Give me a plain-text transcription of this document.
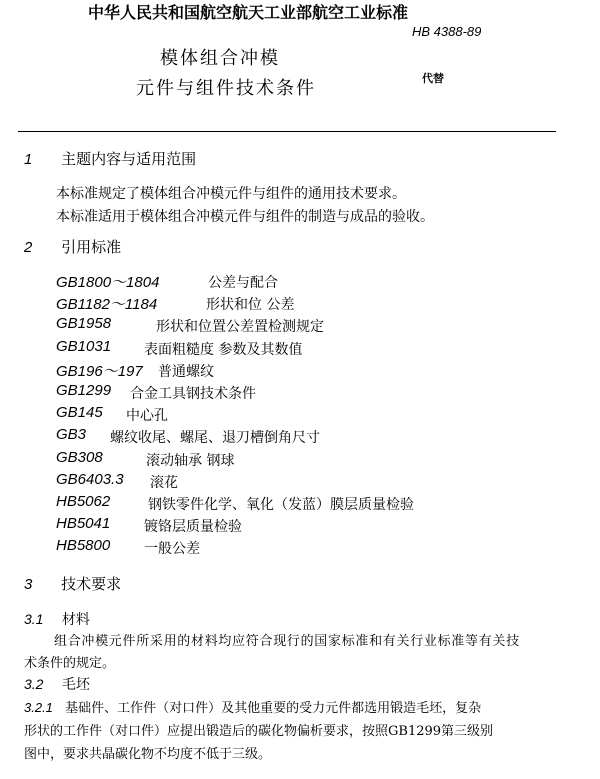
中华人民共和国航空航天工业部航空工业标准
HB 4388-89
模体组合冲模
元件与组件技术条件	代替
1 主题内容与适用范围
本标准规定了模体组合冲模元件与组件的通用技术要求。
本标准适用于模体组合冲模元件与组件的制造与成品的验收。
2 引用标准
GB1800～1804	公差与配合
GB1182～1184	形状和位 公差
GB1958	形状和位置公差置检测规定
GB1031 表面粗糙度 参数及其数值
GB196～197 普通螺纹
GB1299 合金工具钢技术条件
GB145 中心孔
GB3 螺纹收尾、螺尾、退刀槽倒角尺寸
GB308	滚动轴承 钢球
GB6403.3 滚花
HB5062	钢铁零件化学、氧化（发蓝）膜层质量检验
HB5041 镀铬层质量检验
HB5800 一般公差
3 技术要求
3.1 材料
组合冲模元件所采用的材料均应符合现行的国家标准和有关行业标准等有关技
术条件的规定。
3.2 毛坯
3.2.1 基础件、工作件（对口件）及其他重要的受力元件都选用锻造毛坯，复杂
形状的工作件（对口件）应提出锻造后的碳化物偏析要求，按照GB1299第三级别
图中，要求共晶碳化物不均度不低于三级。
